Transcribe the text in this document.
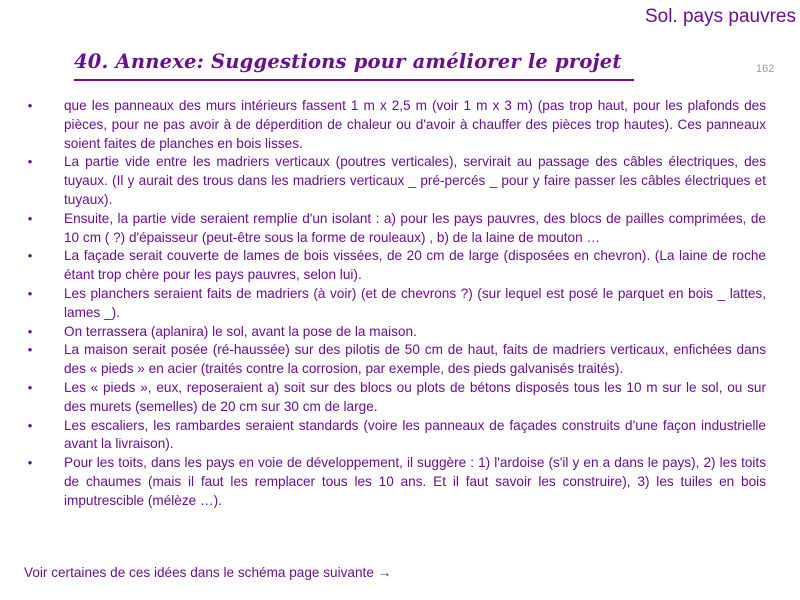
Sol. pays pauvres
40. Annexe: Suggestions pour améliorer le projet	162
• que les panneaux des murs intérieurs fassent 1 m x 2,5 m (voir 1 m x 3 m) (pas trop haut, pour les plafonds des pièces, pour ne pas avoir à de déperdition de chaleur ou d'avoir à chauffer des pièces trop hautes). Ces panneaux soient faites de planches en bois lisses.
• La partie vide entre les madriers verticaux (poutres verticales), servirait au passage des câbles électriques, des tuyaux. (Il y aurait des trous dans les madriers verticaux _ pré-percés _ pour y faire passer les câbles électriques et tuyaux).
• Ensuite, la partie vide seraient remplie d'un isolant : a) pour les pays pauvres, des blocs de pailles comprimées, de 10 cm ( ?) d'épaisseur (peut-être sous la forme de rouleaux) , b) de la laine de mouton …
• La façade serait couverte de lames de bois vissées, de 20 cm de large (disposées en chevron). (La laine de roche étant trop chère pour les pays pauvres, selon lui).
• Les planchers seraient faits de madriers (à voir) (et de chevrons ?) (sur lequel est posé le parquet en bois _ lattes, lames _).
• On terrassera (aplanira) le sol, avant la pose de la maison.
• La maison serait posée (ré-haussée) sur des pilotis de 50 cm de haut, faits de madriers verticaux, enfichées dans des « pieds » en acier (traités contre la corrosion, par exemple, des pieds galvanisés traités).
• Les « pieds », eux, reposeraient a) soit sur des blocs ou plots de bétons disposés tous les 10 m sur le sol, ou sur des murets (semelles) de 20 cm sur 30 cm de large.
• Les escaliers, les rambardes seraient standards (voire les panneaux de façades construits d'une façon industrielle avant la livraison).
• Pour les toits, dans les pays en voie de développement, il suggère : 1) l'ardoise (s'il y en a dans le pays), 2) les toits de chaumes (mais il faut les remplacer tous les 10 ans. Et il faut savoir les construire), 3) les tuiles en bois imputrescible (mélèze …).
Voir certaines de ces idées dans le schéma page suivante →
